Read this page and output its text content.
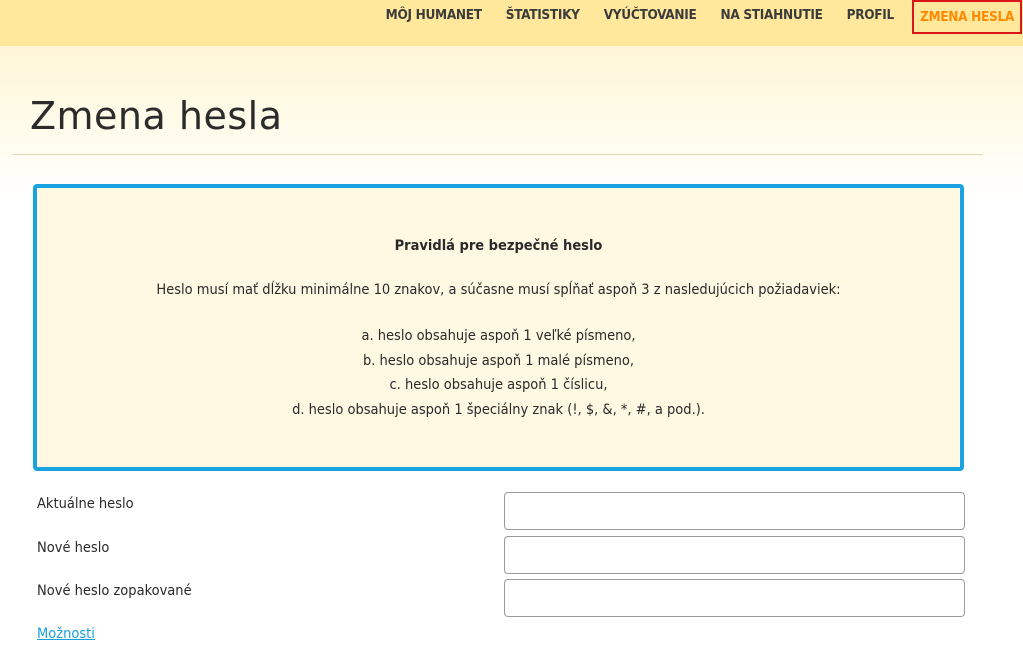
MÔJ HUMANET	ŠTATISTIKY	VYÚČTOVANIE	NA STIAHNUTIE	PROFIL	ZMENA HESLA
Zmena hesla
Pravidlá pre bezpečné heslo
Heslo musí mať dĺžku minimálne 10 znakov, a súčasne musí spĺňať aspoň 3 z nasledujúcich požiadaviek:
a. heslo obsahuje aspoň 1 veľké písmeno,
b. heslo obsahuje aspoň 1 malé písmeno,
c. heslo obsahuje aspoň 1 číslicu,
d. heslo obsahuje aspoň 1 špeciálny znak (!, $, &, *, #, a pod.).
Aktuálne heslo
Nové heslo
Nové heslo zopakované
Možnosti
